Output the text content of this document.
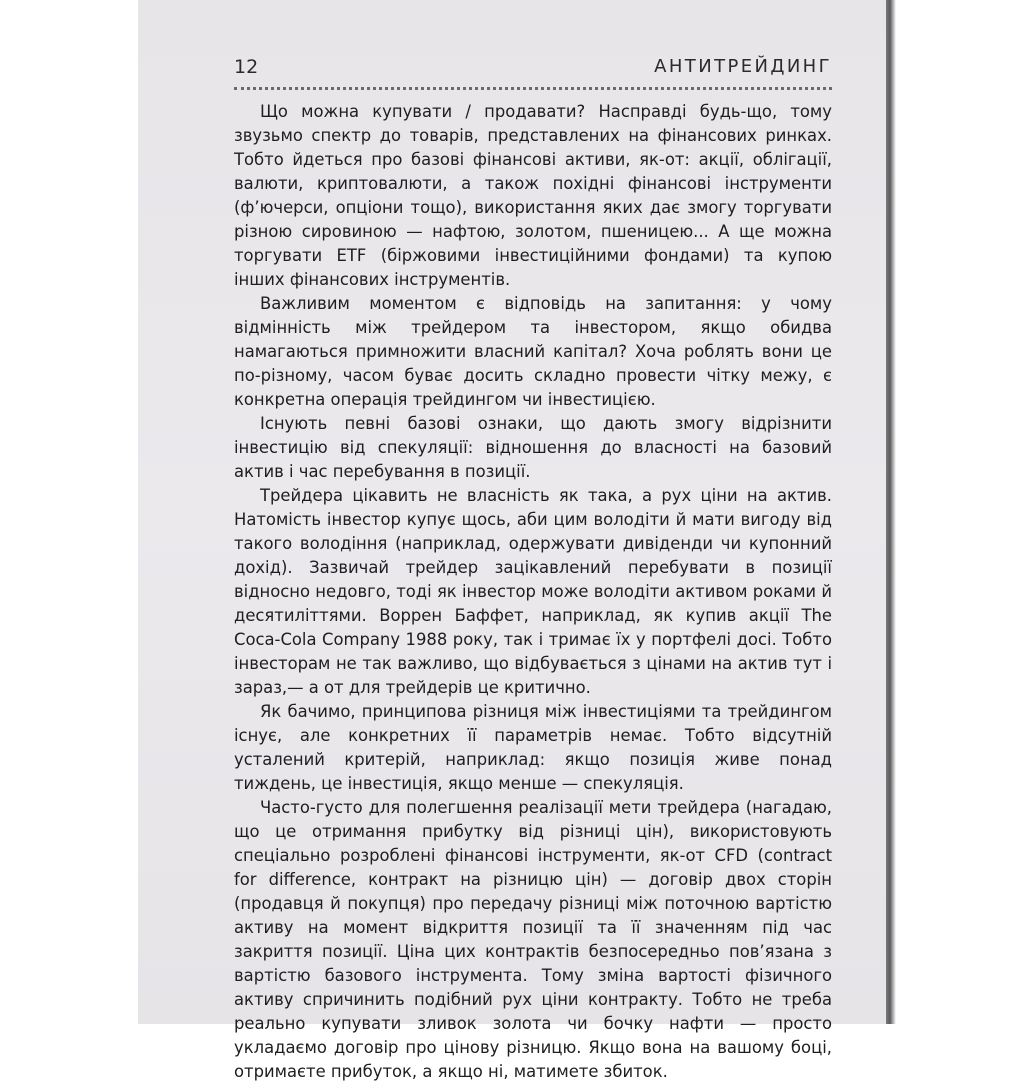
12	АНТИТРЕЙДИНГ

Що можна купувати / продавати? Насправді будь-що, тому звузьмо спектр до товарів, представлених на фінансових ринках. Тобто йдеться про базові фінансові активи, як-от: акції, облігації, валюти, криптовалюти, а також похідні фінансові інструменти (ф’ючерси, опціони тощо), використання яких дає змогу торгувати різною сировиною — нафтою, золотом, пшеницею... А ще можна торгувати ETF (біржовими інвестиційними фондами) та купою інших фінансових інструментів.

Важливим моментом є відповідь на запитання: у чому відмінність між трейдером та інвестором, якщо обидва намагаються примножити власний капітал? Хоча роблять вони це по-різному, часом буває досить складно провести чітку межу, є конкретна операція трейдингом чи інвестицією.

Існують певні базові ознаки, що дають змогу відрізнити інвестицію від спекуляції: відношення до власності на базовий актив і час перебування в позиції.

Трейдера цікавить не власність як така, а рух ціни на актив. Натомість інвестор купує щось, аби цим володіти й мати вигоду від такого володіння (наприклад, одержувати дивіденди чи купонний дохід). Зазвичай трейдер зацікавлений перебувати в позиції відносно недовго, тоді як інвестор може володіти активом роками й десятиліттями. Воррен Баффет, наприклад, як купив акції The Coca-Cola Company 1988 року, так і тримає їх у портфелі досі. Тобто інвесторам не так важливо, що відбувається з цінами на актив тут і зараз,— а от для трейдерів це критично.

Як бачимо, принципова різниця між інвестиціями та трейдингом існує, але конкретних її параметрів немає. Тобто відсутній усталений критерій, наприклад: якщо позиція живе понад тиждень, це інвестиція, якщо менше — спекуляція.

Часто-густо для полегшення реалізації мети трейдера (нагадаю, що це отримання прибутку від різниці цін), використовують спеціально розроблені фінансові інструменти, як-от CFD (contract for difference, контракт на різницю цін) — договір двох сторін (продавця й покупця) про передачу різниці між поточною вартістю активу на момент відкриття позиції та її значенням під час закриття позиції. Ціна цих контрактів безпосередньо пов’язана з вартістю базового інструмента. Тому зміна вартості фізичного активу спричинить подібний рух ціни контракту. Тобто не треба реально купувати зливок золота чи бочку нафти — просто укладаємо договір про цінову різницю. Якщо вона на вашому боці, отримаєте прибуток, а якщо ні, матимете збиток.
